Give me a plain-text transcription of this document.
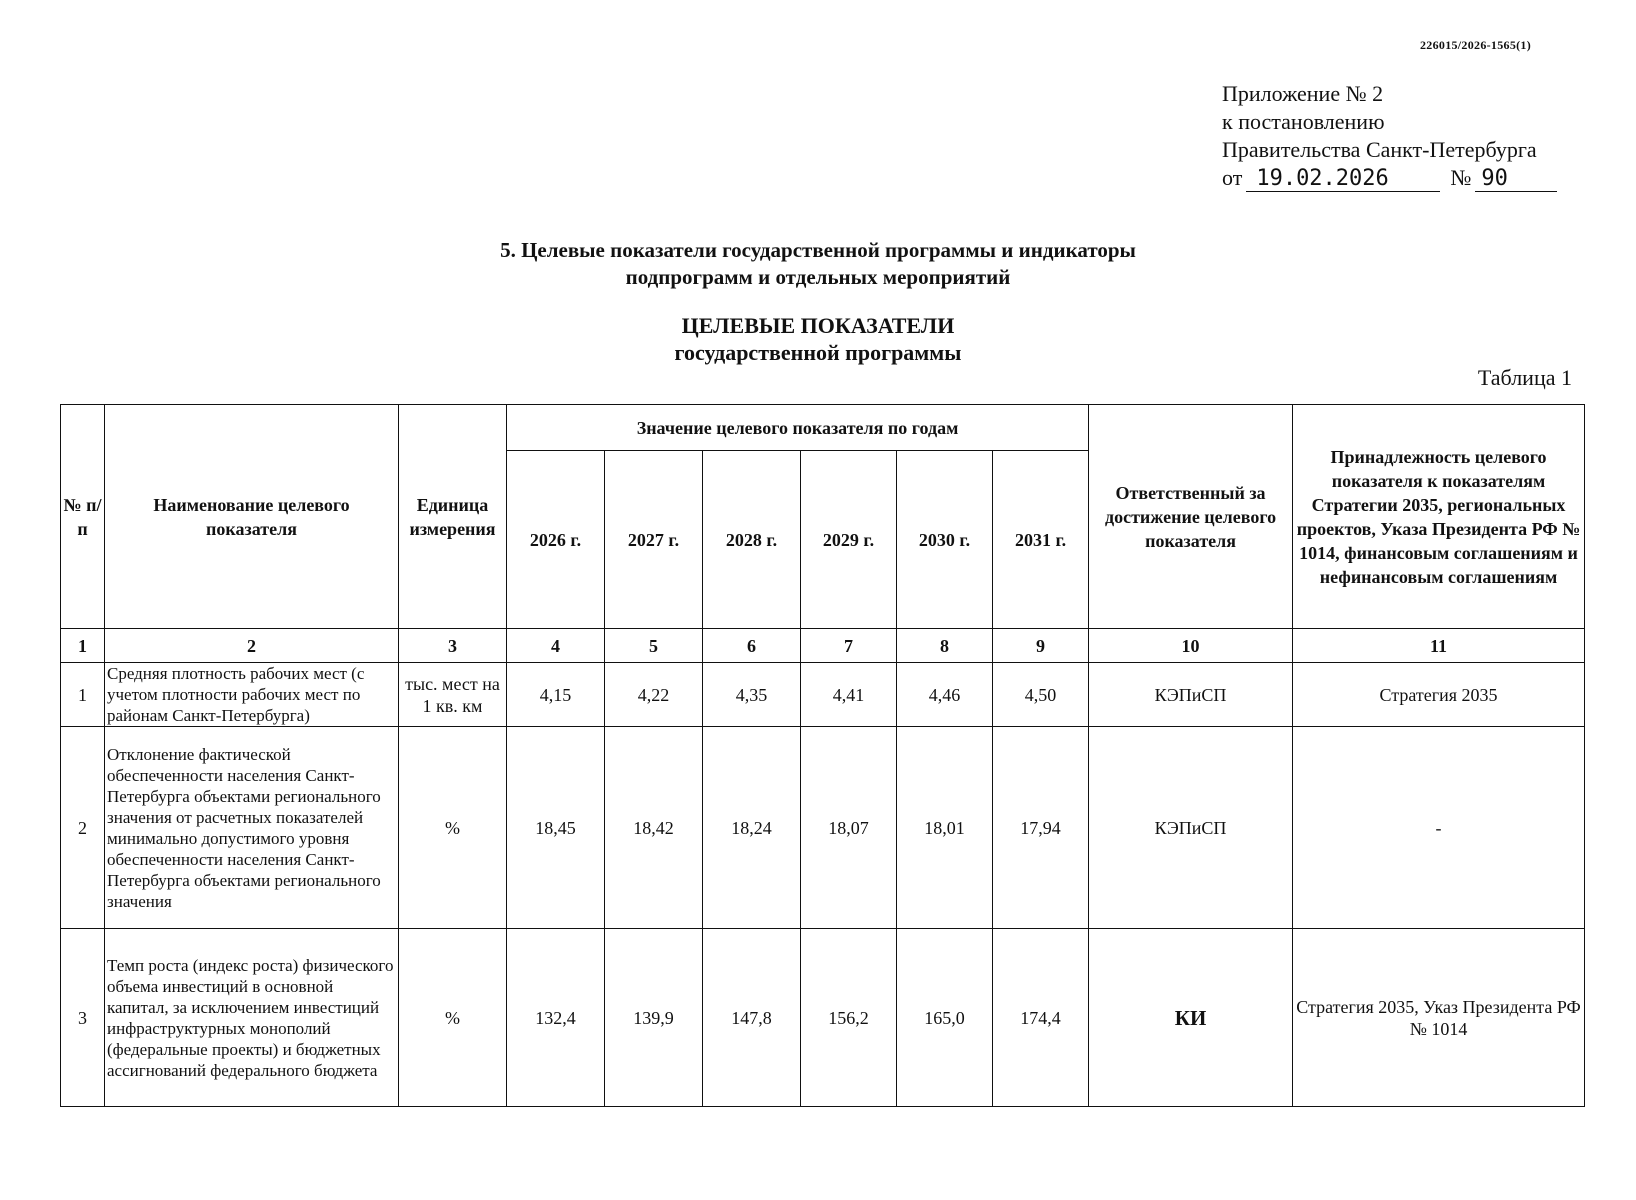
226015/2026-1565(1)
Приложение № 2
к постановлению
Правительства Санкт-Петербурга
от 19.02.2026	№ 90
5. Целевые показатели государственной программы и индикаторы
подпрограмм и отдельных мероприятий
ЦЕЛЕВЫЕ ПОКАЗАТЕЛИ
государственной программы
Таблица 1
№ п/п	Наименование целевого показателя	Единица измерения	Значение целевого показателя по годам						Ответственный за достижение целевого показателя	Принадлежность целевого показателя к показателям Стратегии 2035, региональных проектов, Указа Президента РФ № 1014, финансовым соглашениям и нефинансовым соглашениям
			2026 г.	2027 г.	2028 г.	2029 г.	2030 г.	2031 г.		
1	2	3	4	5	6	7	8	9	10	11
1	Средняя плотность рабочих мест (с учетом плотности рабочих мест по районам Санкт-Петербурга)	тыс. мест на 1 кв. км	4,15	4,22	4,35	4,41	4,46	4,50	КЭПиСП	Стратегия 2035
2	Отклонение фактической обеспеченности населения Санкт-Петербурга объектами регионального значения от расчетных показателей минимально допустимого уровня обеспеченности населения Санкт-Петербурга объектами регионального значения	%	18,45	18,42	18,24	18,07	18,01	17,94	КЭПиСП	-
3	Темп роста (индекс роста) физического объема инвестиций в основной капитал, за исключением инвестиций инфраструктурных монополий (федеральные проекты) и бюджетных ассигнований федерального бюджета	%	132,4	139,9	147,8	156,2	165,0	174,4	КИ	Стратегия 2035, Указ Президента РФ № 1014
